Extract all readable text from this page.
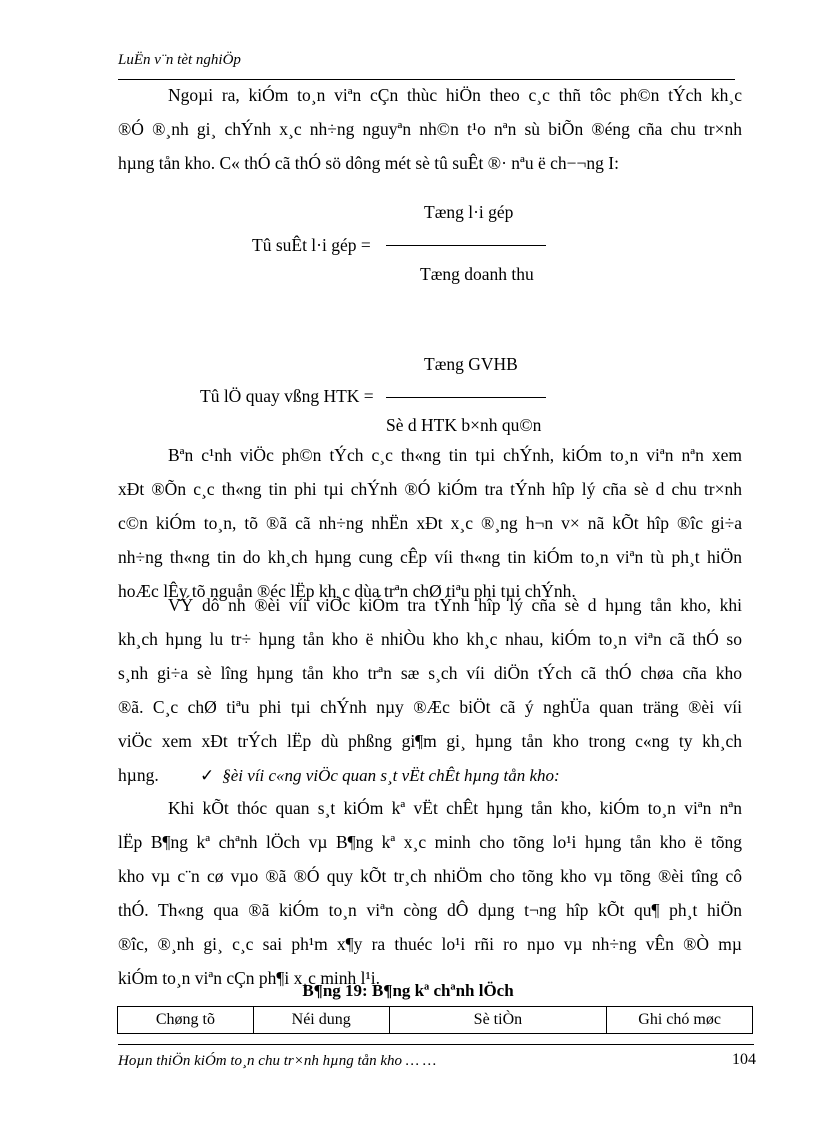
LuËn v¨n tèt nghiÖp
Ngoµi ra, kiÓm to¸n viªn cÇn thùc hiÖn theo c¸c thñ tôc ph©n tÝch kh¸c
®Ó ®¸nh gi¸ chÝnh x¸c nh÷ng nguyªn nh©n t¹o nªn sù biÕn ®éng cña chu tr×nh
hµng tån kho. C« thÓ cã thÓ sö dông mét sè tû suÊt ®· nªu ë ch−¬ng I:
Tæng l·i gép
Tû suÊt l·i gép =
Tæng doanh thu
Tæng GVHB
Tû lÖ quay vßng HTK =
Sè d HTK b×nh qu©n
Bªn c¹nh viÖc ph©n tÝch c¸c th«ng tin tµi chÝnh, kiÓm to¸n viªn nªn xem
xÐt ®Õn c¸c th«ng tin phi tµi chÝnh ®Ó kiÓm tra tÝnh hîp lý cña sè d chu tr×nh
c©n kiÓm to¸n, tõ ®ã cã nh÷ng nhËn xÐt x¸c ®¸ng h¬n v× nã kÕt hîp ®îc gi÷a
nh÷ng th«ng tin do kh¸ch hµng cung cÊp víi th«ng tin kiÓm to¸n viªn tù ph¸t hiÖn
hoÆc lÊy tõ nguån ®éc lËp kh¸c dùa trªn chØ tiªu phi tµi chÝnh.
VÝ dô nh ®èi víi viÖc kiÓm tra tÝnh hîp lý cña sè d hµng tån kho, khi
kh¸ch hµng lu tr÷ hµng tån kho ë nhiÒu kho kh¸c nhau, kiÓm to¸n viªn cã thÓ so
s¸nh gi÷a sè lîng hµng tån kho trªn sæ s¸ch víi diÖn tÝch cã thÓ chøa cña kho
®ã. C¸c chØ tiªu phi tµi chÝnh nµy ®Æc biÖt cã ý nghÜa quan träng ®èi víi
viÖc xem xÐt trÝch lËp dù phßng gi¶m gi¸ hµng tån kho trong c«ng ty kh¸ch
hµng.	✓ §èi víi c«ng viÖc quan s¸t vËt chÊt hµng tån kho:
Khi kÕt thóc quan s¸t kiÓm kª vËt chÊt hµng tån kho, kiÓm to¸n viªn nªn
lËp B¶ng kª chªnh lÖch vµ B¶ng kª x¸c minh cho tõng lo¹i hµng tån kho ë tõng
kho vµ c¨n cø vµo ®ã ®Ó quy kÕt tr¸ch nhiÖm cho tõng kho vµ tõng ®èi tîng cô
thÓ. Th«ng qua ®ã kiÓm to¸n viªn còng dÔ dµng t¬ng hîp kÕt qu¶ ph¸t hiÖn
®îc, ®¸nh gi¸ c¸c sai ph¹m x¶y ra thuéc lo¹i rñi ro nµo vµ nh÷ng vÊn ®Ò mµ
kiÓm to¸n viªn cÇn ph¶i x¸c minh l¹i.
B¶ng 19: B¶ng kª chªnh lÖch
Chøng tõ	Néi dung	Sè tiÒn	Ghi chó møc
Hoµn thiÖn kiÓm to¸n chu tr×nh hµng tån kho … …	104
